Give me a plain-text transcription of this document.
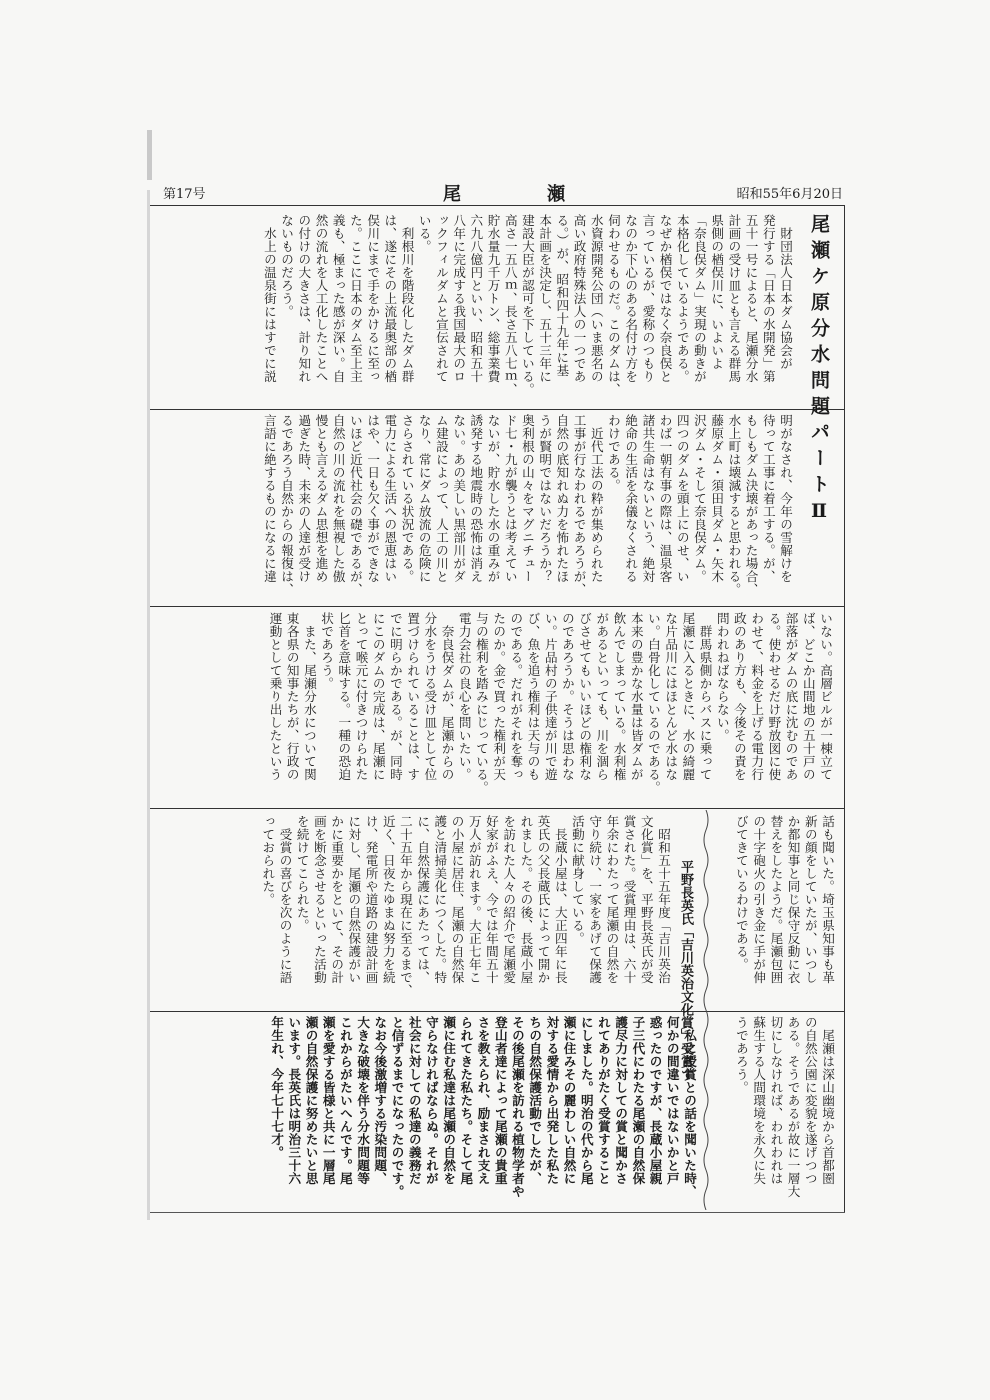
第17号	尾　瀬	昭和55年6月20日
尾瀬ケ原分水問題パートⅡ
　財団法人日本ダム協会が
発行する「日本の水開発」第
五十一号によると、尾瀬分水
計画の受け皿とも言える群馬
県側の楢俣川に、いよいよ
「奈良俣ダム」実現の動きが
本格化しているようである。
なぜか楢俣ではなく奈良俣と
言っているが、愛称のつもり
なのか下心のある名付け方を
伺わせるものだ。このダムは、
水資源開発公団（いま悪名の
高い政府特殊法人の一つであ
る。）が、昭和四十九年に基
本計画を決定し、五十三年に
建設大臣が認可を下している。
高さ一五八ｍ、長さ五八七ｍ、
貯水量九千万トン、総事業費
六九八億円といい、昭和五十
八年に完成する我国最大のロ
ックフィルダムと宣伝されて
いる。
　利根川を階段化したダム群
は、遂にその上流最奥部の楢
俣川にまで手をかけるに至っ
た。ここに日本のダム至上主
義も、極まった感が深い。自
然の流れを人工化したことへ
の付けの大きさは、計り知れ
ないものだろう。
　水上の温泉街にはすでに説
明がなされ、今年の雪解けを
待って工事に着工する。が、
もしもダム決壊があった場合、
水上町は壊滅すると思われる。
藤原ダム・須田貝ダム・矢木
沢ダム・そして奈良俣ダム。
四つのダムを頭上にのせ、い
わば一朝有事の際は、温泉客
諸共生命はないという、絶対
絶命の生活を余儀なくされる
わけである。
　近代工法の粋が集められた
工事が行なわれるであろうが、
自然の底知れぬ力を怖れたほ
うが賢明ではないだろうか？
奥利根の山々をマグニチュー
ド七・九が襲うとは考えてい
ないが、貯水した水の重みが
誘発する地震時の恐怖は消え
ない。あの美しい黒部川がダ
ム建設によって、人工の川と
なり、常にダム放流の危険に
さらされている状況である。
電力による生活への恩恵はい
はや、一日も欠く事ができな
いほど近代社会の礎であるが、
自然の川の流れを無視した傲
慢とも言えるダム思想を進め
過ぎた時、未来の人達が受け
るであろう自然からの報復は、
言語に絶するものになるに違
いない。高層ビルが一棟立て
ば、どこか山間地の五十戸の
部落がダムの底に沈むのであ
る。使わせるだけ野放図に使
わせて、料金を上げる電力行
政のあり方も、今後その責を
問われねばならない。
　群馬県側からバスに乗って
尾瀬に入るときに、水の綺麗
な片品川にはほとんど水はな
い。白骨化しているのである。
本来の豊かな水量は皆ダムが
飲んでしまっている。水利権
があるといっても、川を涸ら
びさせてもいいほどの権利な
のであろうか。そうは思わな
い。片品村の子供達が川で遊
び、魚を追う権利は天与のも
のである。だれがそれを奪っ
たのか。金で買った権利が天
与の権利を踏みにじっている。
電力会社の良心を問いたい。
　奈良俣ダムが、尾瀬からの
分水をうける受け皿として位
置づけられていることは、す
でに明らかである。が、同時
にこのダムの完成は、尾瀬に
とって喉元に付きつけられた
匕首を意味する。一種の恐迫
状であろう。
　また、尾瀬分水について関
東各県の知事たちが、行政の
運動として乗り出したという
話も聞いた。埼玉県知事も革
新の顔をしていたが、いつし
か都知事と同じ保守反動に衣
替えをしたようだ。尾瀬包囲
の十字砲火の引き金に手が伸
びてきているわけである。
　尾瀬は深山幽境から首都圏
の自然公園に変貌を遂げつつ
ある。そうであるが故に一層大
切にしなければ、われわれは
蘇生する人間環境を永久に失
うであろう。
平野長英氏「吉川英治文化賞」受賞す
　昭和五十五年度「吉川英治
文化賞」を、平野長英氏が受
賞された。受賞理由は、六十
年余にわたって尾瀬の自然を
守り続け、一家をあげて保護
活動に献身している。
　長蔵小屋は、大正四年に長
英氏の父長蔵氏によって開か
れました。その後、長蔵小屋
を訪れた人々の紹介で尾瀬愛
好家がふえ、今では年間五十
万人が訪れます。大正七年こ
の小屋に居住、尾瀬の自然保
護と清掃美化につくした。特
に、自然保護にあたっては、
二十五年から現在に至るまで、
近く、日夜たゆまぬ努力を続
け、発電所や道路の建設計画
に対し、尾瀬の自然保護がい
かに重要かをといて、その計
画を断念させるといった活動
を続けてこられた。
　受賞の喜びを次のように語
っておられた。
　私に授賞との話を聞いた時、
何かの間違いではないかと戸
惑ったのですが、長蔵小屋親
子三代にわたる尾瀬の自然保
護尽力に対しての賞と聞かさ
れてありがたく受賞すること
にしました。明治の代から尾
瀬に住みその麗わしい自然に
対する愛情から出発した私た
ちの自然保護活動でしたが、
その後尾瀬を訪れる植物学者や
登山者達によって尾瀬の貴重
さを教えられ、励まされ支え
られてきた私たち。そして尾
瀬に住む私達は尾瀬の自然を
守らなければならぬ。それが
社会に対しての私達の義務だ
と信ずるまでになったのです。
なお今後激増する汚染問題、
大きな破壊を伴う分水問題等
これからがたいへんです。尾
瀬を愛する皆様と共に一層尾
瀬の自然保護に努めたいと思
います。長英氏は明治三十六
年生れ、今年七十七才。
